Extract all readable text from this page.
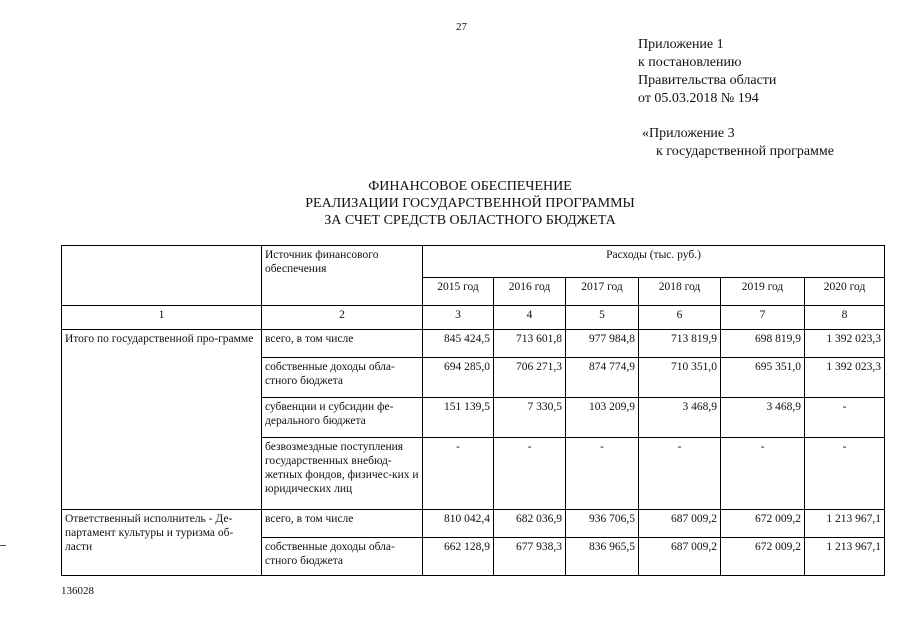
27
Приложение 1
к постановлению
Правительства области
от 05.03.2018 № 194
«Приложение 3
к государственной программе
ФИНАНСОВОЕ ОБЕСПЕЧЕНИЕ
РЕАЛИЗАЦИИ ГОСУДАРСТВЕННОЙ ПРОГРАММЫ
ЗА СЧЕТ СРЕДСТВ ОБЛАСТНОГО БЮДЖЕТА
	Источник финансового обеспечения	Расходы (тыс. руб.)					
		2015 год	2016 год	2017 год	2018 год	2019 год	2020 год
1	2	3	4	5	6	7	8
Итого по государственной про-грамме	всего, в том числе	845 424,5	713 601,8	977 984,8	713 819,9	698 819,9	1 392 023,3
	собственные доходы обла-стного бюджета	694 285,0	706 271,3	874 774,9	710 351,0	695 351,0	1 392 023,3
	субвенции и субсидии фе-дерального бюджета	151 139,5	7 330,5	103 209,9	3 468,9	3 468,9	-
	безвозмездные поступления государственных внебюд-жетных фондов, физичес-ких и юридических лиц	-	-	-	-	-	-
Ответственный исполнитель - Де-партамент культуры и туризма об-ласти	всего, в том числе	810 042,4	682 036,9	936 706,5	687 009,2	672 009,2	1 213 967,1
	собственные доходы обла-стного бюджета	662 128,9	677 938,3	836 965,5	687 009,2	672 009,2	1 213 967,1
136028
